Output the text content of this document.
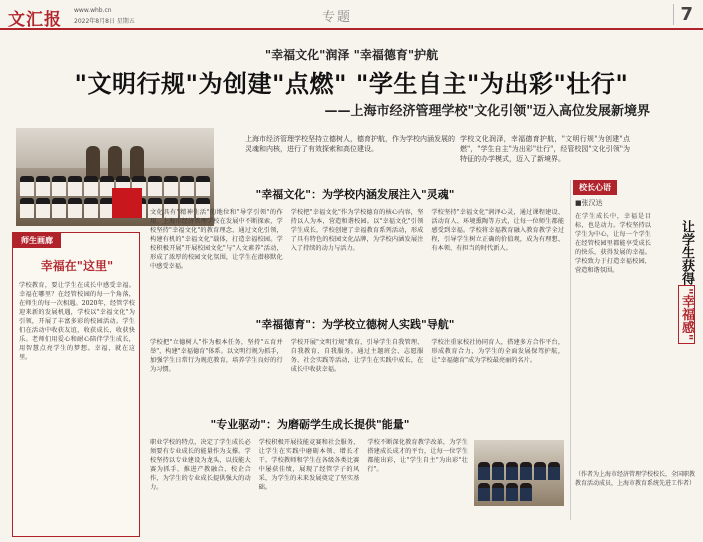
文汇报 www.whb.cn
2022年8月8日 星期五	专题	7
"幸福文化"润泽 "幸福德育"护航
"文明行规"为创建"点燃" "学生自主"为出彩"壮行"
——上海市经济管理学校"文化引领"迈入高位发展新境界
上海市经济管理学校坚持立德树人，德育护航，作为学校内涵发展的灵魂和内核，进行了有效探索和高位建设。
学校文化润泽，幸福德育护航，"文明行规"为创建"点燃"，"学生自主"为出彩"壮行"，经管校园"文化引领"为特征的办学模式，迈入了新境界。
师生画廊
幸福在"这里"
学校教育，要让学生在成长中感受幸福。幸福在哪里？在经管校园的每一个角落，在师生的每一次相遇。2020年，经管学校迎来新的发展机遇，学校以"幸福文化"为引领，开展了丰富多彩的校园活动。学生们在活动中收获友谊，收获成长，收获快乐。老师们用爱心和耐心陪伴学生成长，用智慧点亮学生的梦想。幸福，就在这里。
"幸福文化"：为学校内涵发展注入"灵魂"
文化具有"精神生活"的地位和"导学引领"的作用。上海市经济管理学校在发展中不断探索，学校坚持"幸福文化"的教育理念，通过文化引领，构建有机的"幸福文化"载体，打造幸福校园。学校积极开展"开展校园文化"与"人文素养"活动，形成了浓厚的校园文化氛围，让学生在潜移默化中感受幸福。
学校把"幸福文化"作为学校德育的核心内容，坚持以人为本，营造和谐校园。以"幸福文化"引领学生成长，学校创建了幸福教育系列活动，形成了具有特色的校园文化品牌，为学校内涵发展注入了持续的动力与活力。
学校坚持"幸福文化"润泽心灵，通过课程建设、活动育人、环境熏陶等方式，让每一位师生都能感受到幸福。学校将幸福教育融入教育教学全过程，引导学生树立正确的价值观，成为有理想、有本领、有担当的时代新人。
"幸福德育"：为学校立德树人实践"导航"
学校把"立德树人"作为根本任务，坚持"五育并举"，构建"幸福德育"体系。以文明行规为抓手，加强学生日常行为规范教育，培养学生良好的行为习惯。
学校开展"文明行规"教育，引导学生自我管理、自我教育、自我服务。通过主题班会、志愿服务、社会实践等活动，让学生在实践中成长，在成长中收获幸福。
学校注重家校社协同育人，搭建多方合作平台，形成教育合力，为学生的全面发展保驾护航，让"幸福德育"成为学校最亮丽的名片。
"专业驱动"：为磨砺学生成长提供"能量"
职业学校的特点，决定了学生成长必须要有专业成长的能量作为支撑。学校坚持以专业建设为龙头，以技能大赛为抓手，推进产教融合、校企合作，为学生的专业成长提供强大的动力。
学校积极开展技能竞赛和社会服务，让学生在实践中磨砺本领、增长才干。学校教师和学生在各级各类比赛中屡获佳绩，展现了经管学子的风采，为学生的未来发展奠定了坚实基础。
学校不断深化教育教学改革，为学生搭建成长成才的平台，让每一位学生都能出彩，让"学生自主"为出彩"壮行"。
校长心语
■张汉达
在学生成长中，幸福是目标，也是动力。学校坚持以学生为中心，让每一个学生在经管校园里都能享受成长的快乐，获得发展的幸福。学校致力于打造幸福校园，营造和谐氛围。	让学生获得"幸福感"
（作者为上海市经济管理学校校长，全国职教教育活动成员，上海市教育系统先进工作者）
